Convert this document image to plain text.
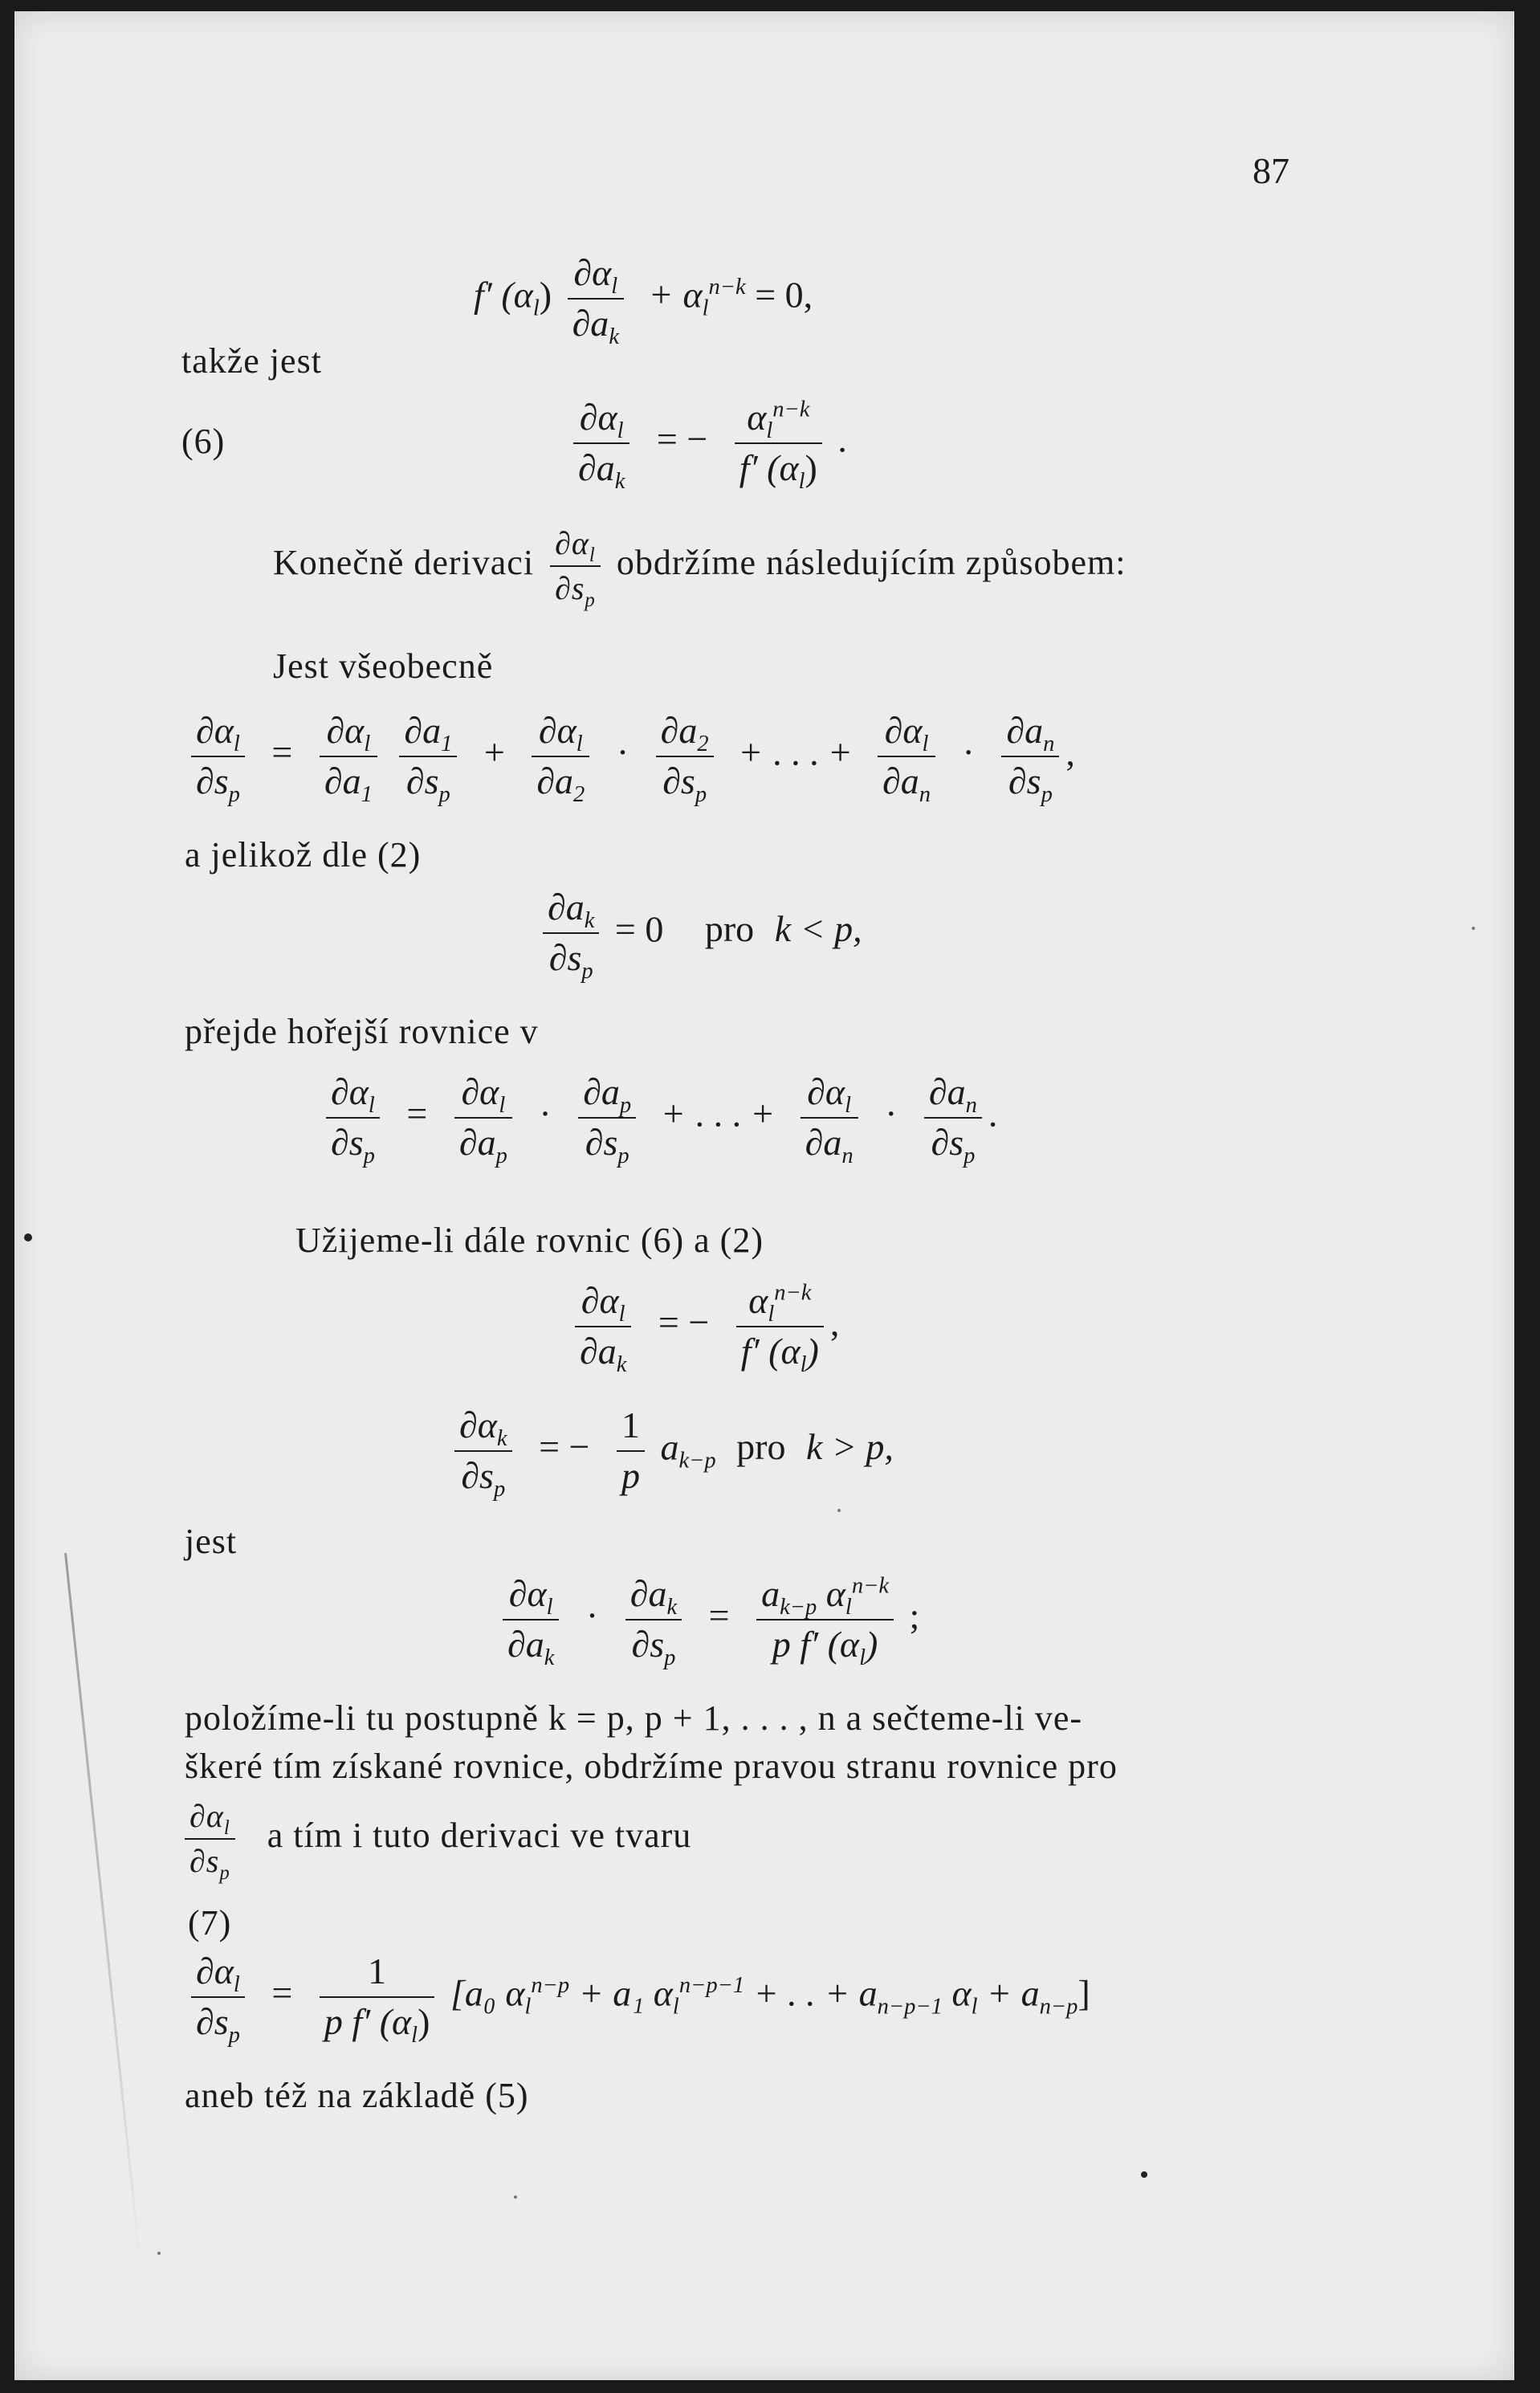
87
f′ $(\alpha_l) \frac{\partial\alpha_l}{\partial a_k} + \alpha_l^{n-k} = 0$,
takže jest
(6)	$\frac{\partial\alpha_l}{\partial a_k}$ = − $\frac{\alpha_l^{n-k}}{f' (\alpha_l)}$ .
Konečně derivaci $\frac{\partial\alpha_l}{\partial s_p}$ obdržíme následujícím způsobem:
Jest všeobecně
$\frac{\partial\alpha_l}{\partial s_p} = \frac{\partial\alpha_l}{\partial a_1}$
$\frac{\partial a_1}{\partial s_p} + \frac{\partial\alpha_l}{\partial a_2} \cdot \frac{\partial a_2}{\partial s_p}$ + . . . + $\frac{\partial\alpha_l}{\partial a_n} \cdot \frac{\partial a_n}{\partial s_p}$ ,
a jelikož dle (2)
$\frac{\partial a_k}{\partial s_p} = 0$ pro k < p,
přejde hořejší rovnice v
$\frac{\partial\alpha_l}{\partial s_p} = \frac{\partial\alpha_l}{\partial a_p} \cdot \frac{\partial a_p}{\partial s_p}$ + . . . + $\frac{\partial\alpha_l}{\partial a_n} \cdot \frac{\partial a_n}{\partial s_p}$ .
Užijeme-li dále rovnic (6) a (2)
$\frac{\partial\alpha_l}{\partial a_k}$ = − $\frac{\alpha_l^{n-k}}{f' (\alpha_l)}$ ,
$\frac{\partial\alpha_k}{\partial s_p}$ = − $\frac{1}{p} a_{k-p}$ pro k > p,
jest
$\frac{\partial\alpha_l}{\partial a_k} \cdot \frac{\partial a_k}{\partial s_p} = \frac{a_{k-p} \alpha_l^{n-k}}{p f' (\alpha_l)}$ ;
položíme-li tu postupně k = p, p + 1, . . . , n a sečteme-li ve-
škeré tím získané rovnice, obdržíme pravou stranu rovnice pro
$\frac{\partial\alpha_l}{\partial s_p}$ a tím i tuto derivaci ve tvaru
(7)
$\frac{\partial\alpha_l}{\partial s_p} = \frac{1}{p f' (\alpha_l)} [a_0$ $\alpha_l^{n-p} + a_1$ $\alpha_l^{n-p-1}$ + . . + $a_{n-p-1}$ $\alpha_l + a_{n-p}$]
aneb též na základě (5)
